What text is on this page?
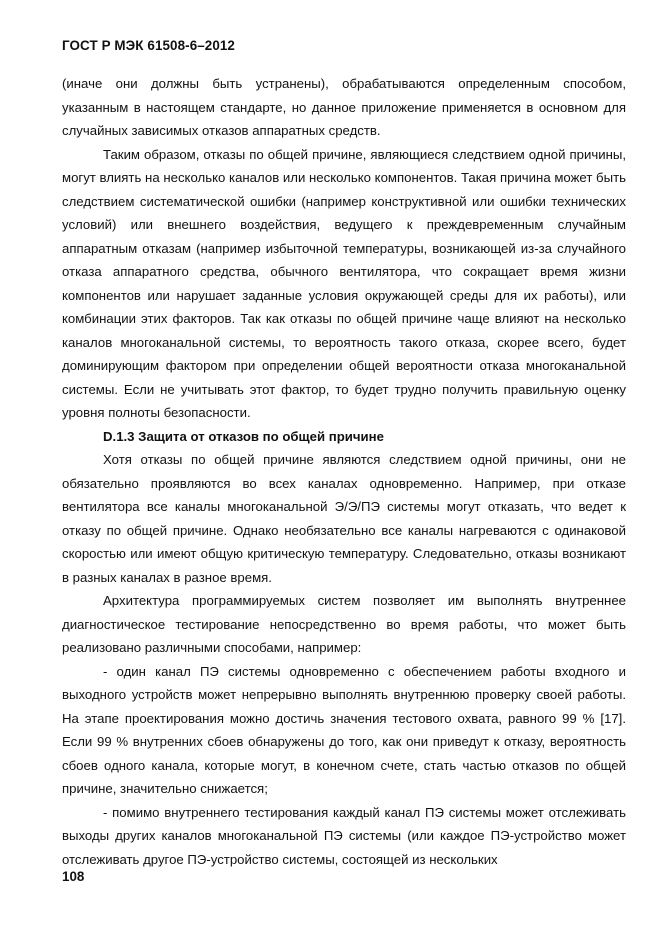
ГОСТ Р МЭК 61508-6–2012

(иначе они должны быть устранены), обрабатываются определенным способом, указанным в настоящем стандарте, но данное приложение применяется в основном для случайных зависимых отказов аппаратных средств.

Таким образом, отказы по общей причине, являющиеся следствием одной причины, могут влиять на несколько каналов или несколько компонентов. Такая причина может быть следствием систематической ошибки (например конструктивной или ошибки технических условий) или внешнего воздействия, ведущего к преждевременным случайным аппаратным отказам (например избыточной температуры, возникающей из-за случайного отказа аппаратного средства, обычного вентилятора, что сокращает время жизни компонентов или нарушает заданные условия окружающей среды для их работы), или комбинации этих факторов. Так как отказы по общей причине чаще влияют на несколько каналов многоканальной системы, то вероятность такого отказа, скорее всего, будет доминирующим фактором при определении общей вероятности отказа многоканальной системы. Если не учитывать этот фактор, то будет трудно получить правильную оценку уровня полноты безопасности.

D.1.3 Защита от отказов по общей причине

Хотя отказы по общей причине являются следствием одной причины, они не обязательно проявляются во всех каналах одновременно. Например, при отказе вентилятора все каналы многоканальной Э/Э/ПЭ системы могут отказать, что ведет к отказу по общей причине. Однако необязательно все каналы нагреваются с одинаковой скоростью или имеют общую критическую температуру. Следовательно, отказы возникают в разных каналах в разное время.

Архитектура программируемых систем позволяет им выполнять внутреннее диагностическое тестирование непосредственно во время работы, что может быть реализовано различными способами, например:

- один канал ПЭ системы одновременно с обеспечением работы входного и выходного устройств может непрерывно выполнять внутреннюю проверку своей работы. На этапе проектирования можно достичь значения тестового охвата, равного 99 % [17]. Если 99 % внутренних сбоев обнаружены до того, как они приведут к отказу, вероятность сбоев одного канала, которые могут, в конечном счете, стать частью отказов по общей причине, значительно снижается;

- помимо внутреннего тестирования каждый канал ПЭ системы может отслеживать выходы других каналов многоканальной ПЭ системы (или каждое ПЭ-устройство может отслеживать другое ПЭ-устройство системы, состоящей из нескольких

108
